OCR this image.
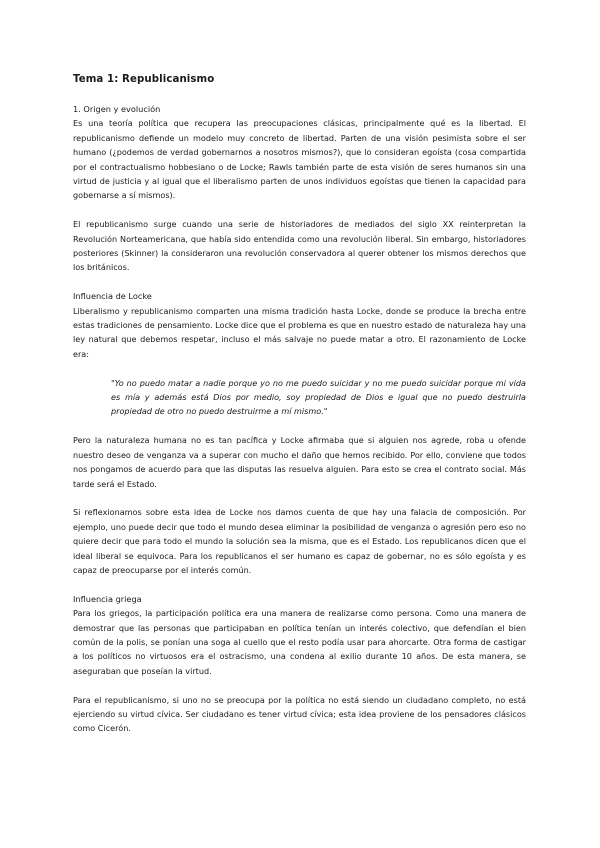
Tema 1: Republicanismo
1. Origen y evolución

Es una teoría política que recupera las preocupaciones clásicas, principalmente qué es la libertad. El republicanismo defiende un modelo muy concreto de libertad. Parten de una visión pesimista sobre el ser humano (¿podemos de verdad gobernarnos a nosotros mismos?), que lo consideran egoísta (cosa compartida por el contractualismo hobbesiano o de Locke; Rawls también parte de esta visión de seres humanos sin una virtud de justicia y al igual que el liberalismo parten de unos individuos egoístas que tienen la capacidad para gobernarse a sí mismos).

El republicanismo surge cuando una serie de historiadores de mediados del siglo XX reinterpretan la Revolución Norteamericana, que había sido entendida como una revolución liberal. Sin embargo, historiadores posteriores (Skinner) la consideraron una revolución conservadora al querer obtener los mismos derechos que los británicos.

Influencia de Locke

Liberalismo y republicanismo comparten una misma tradición hasta Locke, donde se produce la brecha entre estas tradiciones de pensamiento. Locke dice que el problema es que en nuestro estado de naturaleza hay una ley natural que debemos respetar, incluso el más salvaje no puede matar a otro. El razonamiento de Locke era:

"Yo no puedo matar a nadie porque yo no me puedo suicidar y no me puedo suicidar porque mi vida es mía y además está Dios por medio, soy propiedad de Dios e igual que no puedo destruirla propiedad de otro no puedo destruirme a mí mismo."

Pero la naturaleza humana no es tan pacífica y Locke afirmaba que si alguien nos agrede, roba u ofende nuestro deseo de venganza va a superar con mucho el daño que hemos recibido. Por ello, conviene que todos nos pongamos de acuerdo para que las disputas las resuelva alguien. Para esto se crea el contrato social. Más tarde será el Estado.

Si reflexionamos sobre esta idea de Locke nos damos cuenta de que hay una falacia de composición. Por ejemplo, uno puede decir que todo el mundo desea eliminar la posibilidad de venganza o agresión pero eso no quiere decir que para todo el mundo la solución sea la misma, que es el Estado. Los republicanos dicen que el ideal liberal se equivoca. Para los republicanos el ser humano es capaz de gobernar, no es sólo egoísta y es capaz de preocuparse por el interés común.

Influencia griega

Para los griegos, la participación política era una manera de realizarse como persona. Como una manera de demostrar que las personas que participaban en política tenían un interés colectivo, que defendían el bien común de la polis, se ponían una soga al cuello que el resto podía usar para ahorcarte. Otra forma de castigar a los políticos no virtuosos era el ostracismo, una condena al exilio durante 10 años. De esta manera, se aseguraban que poseían la virtud.

Para el republicanismo, si uno no se preocupa por la política no está siendo un ciudadano completo, no está ejerciendo su virtud cívica. Ser ciudadano es tener virtud cívica; esta idea proviene de los pensadores clásicos como Cicerón.
